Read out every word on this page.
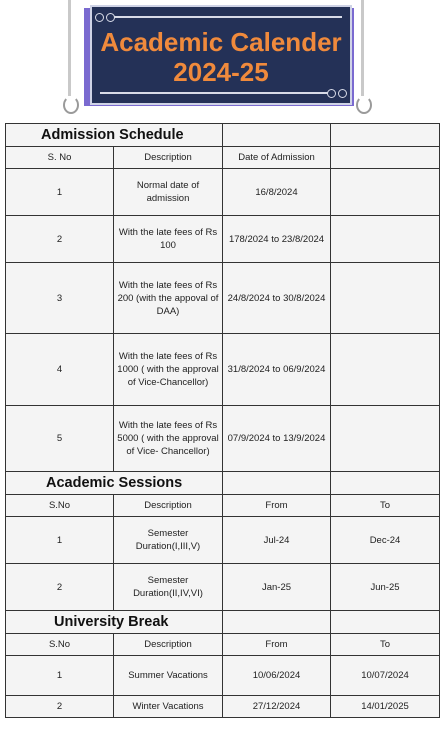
Academic Calender
2024-25
Admission Schedule			
S. No	Description	Date of Admission	
1	Normal date of admission	16/8/2024	
2	With the late fees of Rs 100	178/2024 to 23/8/2024	
3	With the late fees of Rs 200 (with the appoval of DAA)	24/8/2024 to 30/8/2024	
4	With the late fees of Rs 1000 ( with the approval of Vice-Chancellor)	31/8/2024 to 06/9/2024	
5	With the late fees of Rs 5000 ( with the approval of Vice- Chancellor)	07/9/2024 to 13/9/2024	
Academic Sessions			
S.No	Description	From	To
1	Semester Duration(I,III,V)	Jul-24	Dec-24
2	Semester Duration(II,IV,VI)	Jan-25	Jun-25
University Break			
S.No	Description	From	To
1	Summer Vacations	10/06/2024	10/07/2024
2	Winter Vacations	27/12/2024	14/01/2025
